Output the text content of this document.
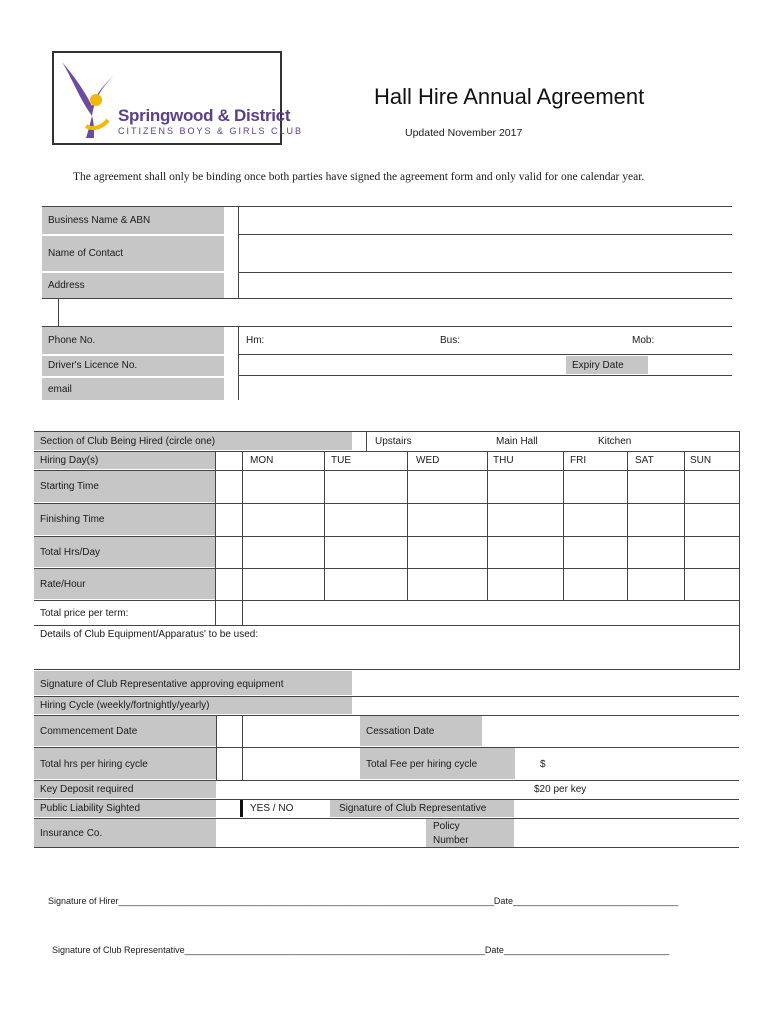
Springwood & District
CITIZENS BOYS & GIRLS CLUB
Hall Hire Annual Agreement
Updated November 2017
The agreement shall only be binding once both parties have signed the agreement form and only valid for one calendar year.
Business Name & ABN
Name of Contact
Address
Phone No.	Hm:	Bus:	Mob:
Driver's Licence No.	Expiry Date
email
Section of Club Being Hired (circle one)	Upstairs	Main Hall	Kitchen
Hiring Day(s)	MON	TUE	WED	THU	FRI	SAT	SUN
Starting Time
Finishing Time
Total Hrs/Day
Rate/Hour
Total price per term:
Details of Club Equipment/Apparatus' to be used:
Signature of Club Representative approving equipment
Hiring Cycle (weekly/fortnightly/yearly)
Commencement Date	Cessation Date
Total hrs per hiring cycle	Total Fee per hiring cycle	$
Key Deposit required	$20 per key
Public Liability Sighted	YES / NO	Signature of Club Representative
Insurance Co.
Policy
Number
Signature of Hirer___________________________________________________________________________Date_________________________________
Signature of Club Representative____________________________________________________________Date_________________________________
